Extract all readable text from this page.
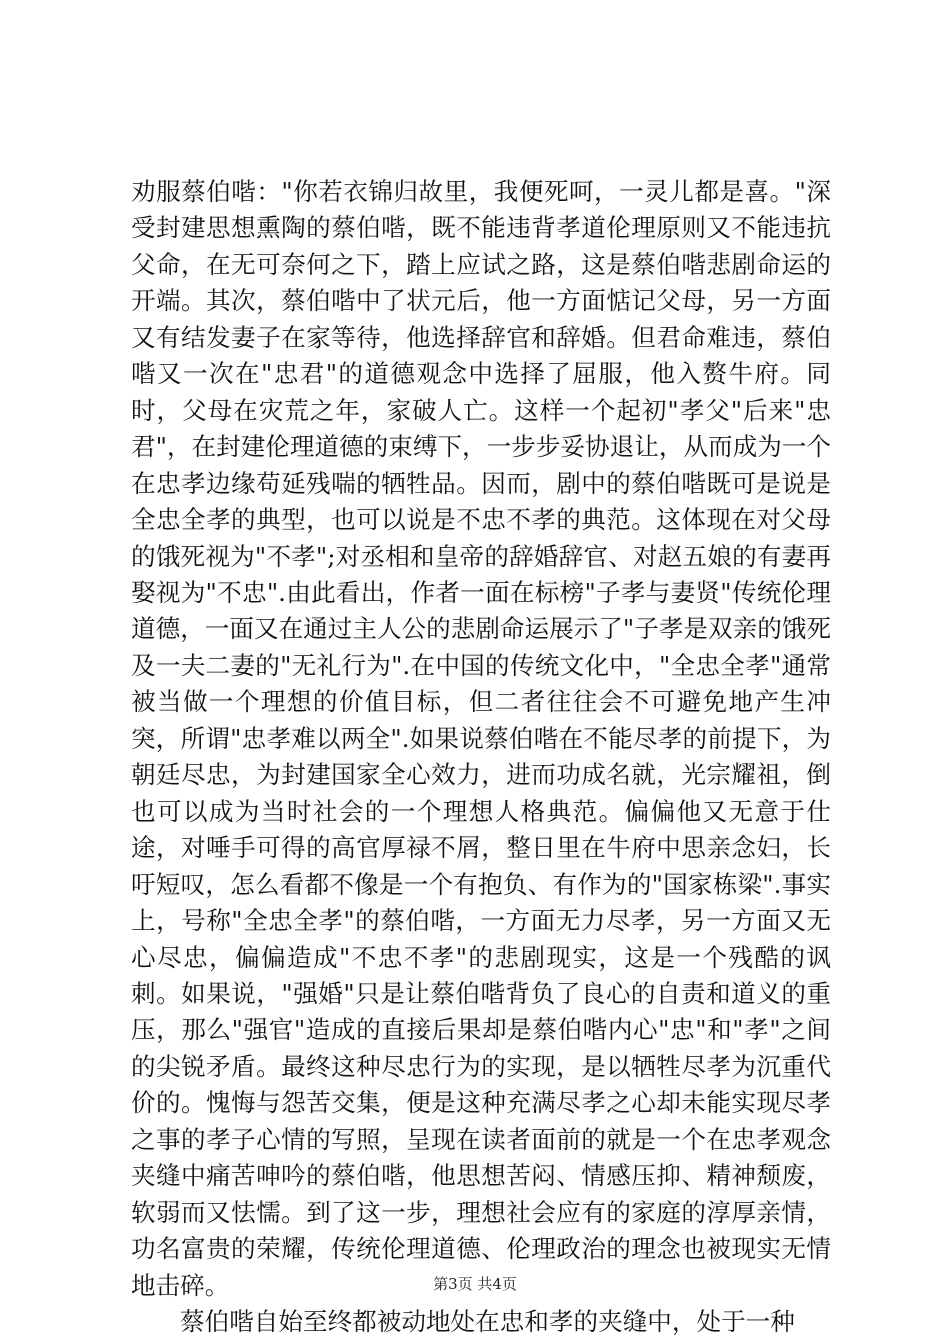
劝服蔡伯喈："你若衣锦归故里，我便死呵，一灵儿都是喜。"深受封建思想熏陶的蔡伯喈，既不能违背孝道伦理原则又不能违抗父命，在无可奈何之下，踏上应试之路，这是蔡伯喈悲剧命运的开端。其次，蔡伯喈中了状元后，他一方面惦记父母，另一方面又有结发妻子在家等待，他选择辞官和辞婚。但君命难违，蔡伯喈又一次在"忠君"的道德观念中选择了屈服，他入赘牛府。同时，父母在灾荒之年，家破人亡。这样一个起初"孝父"后来"忠君"，在封建伦理道德的束缚下，一步步妥协退让，从而成为一个在忠孝边缘苟延残喘的牺牲品。因而，剧中的蔡伯喈既可是说是全忠全孝的典型，也可以说是不忠不孝的典范。这体现在对父母的饿死视为"不孝";对丞相和皇帝的辞婚辞官、对赵五娘的有妻再娶视为"不忠".由此看出，作者一面在标榜"子孝与妻贤"传统伦理道德，一面又在通过主人公的悲剧命运展示了"子孝是双亲的饿死及一夫二妻的"无礼行为".在中国的传统文化中，"全忠全孝"通常被当做一个理想的价值目标，但二者往往会不可避免地产生冲突，所谓"忠孝难以两全".如果说蔡伯喈在不能尽孝的前提下，为朝廷尽忠，为封建国家全心效力，进而功成名就，光宗耀祖，倒也可以成为当时社会的一个理想人格典范。偏偏他又无意于仕途，对唾手可得的高官厚禄不屑，整日里在牛府中思亲念妇，长吁短叹，怎么看都不像是一个有抱负、有作为的"国家栋梁".事实上，号称"全忠全孝"的蔡伯喈，一方面无力尽孝，另一方面又无心尽忠，偏偏造成"不忠不孝"的悲剧现实，这是一个残酷的讽刺。如果说，"强婚"只是让蔡伯喈背负了良心的自责和道义的重压，那么"强官"造成的直接后果却是蔡伯喈内心"忠"和"孝"之间的尖锐矛盾。最终这种尽忠行为的实现，是以牺牲尽孝为沉重代价的。愧悔与怨苦交集，便是这种充满尽孝之心却未能实现尽孝之事的孝子心情的写照，呈现在读者面前的就是一个在忠孝观念夹缝中痛苦呻吟的蔡伯喈，他思想苦闷、情感压抑、精神颓废，软弱而又怯懦。到了这一步，理想社会应有的家庭的淳厚亲情，功名富贵的荣耀，传统伦理道德、伦理政治的理念也被现实无情地击碎。

蔡伯喈自始至终都被动地处在忠和孝的夹缝中，处于一种

第3页 共4页
